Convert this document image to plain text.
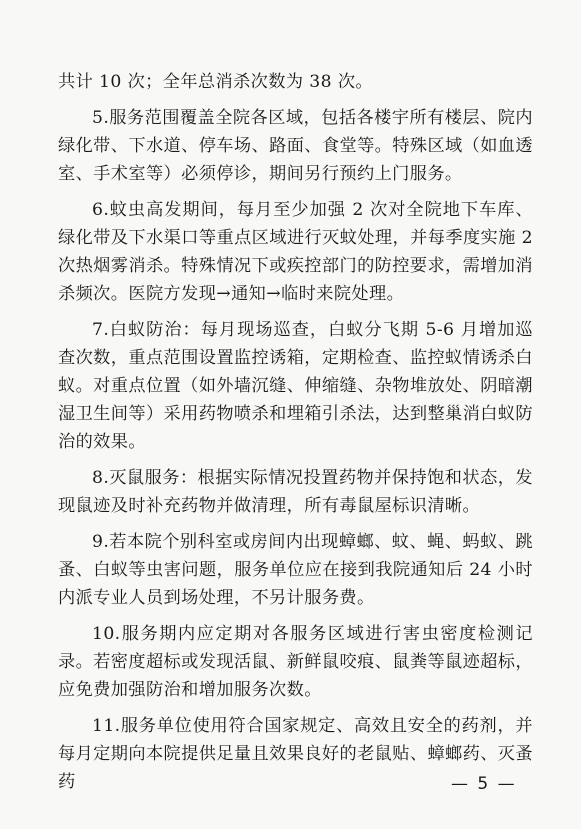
共计 10 次；全年总消杀次数为 38 次。

5.服务范围覆盖全院各区域，包括各楼宇所有楼层、院内绿化带、下水道、停车场、路面、食堂等。特殊区域（如血透室、手术室等）必须停诊，期间另行预约上门服务。

6.蚊虫高发期间，每月至少加强 2 次对全院地下车库、绿化带及下水渠口等重点区域进行灭蚊处理，并每季度实施 2 次热烟雾消杀。特殊情况下或疾控部门的防控要求，需增加消杀频次。医院方发现→通知→临时来院处理。

7.白蚁防治：每月现场巡查，白蚁分飞期 5-6 月增加巡查次数，重点范围设置监控诱箱，定期检查、监控蚁情诱杀白蚁。对重点位置（如外墙沉缝、伸缩缝、杂物堆放处、阴暗潮湿卫生间等）采用药物喷杀和埋箱引杀法，达到整巢消白蚁防治的效果。

8.灭鼠服务：根据实际情况投置药物并保持饱和状态，发现鼠迹及时补充药物并做清理，所有毒鼠屋标识清晰。

9.若本院个别科室或房间内出现蟑螂、蚊、蝇、蚂蚁、跳蚤、白蚁等虫害问题，服务单位应在接到我院通知后 24 小时内派专业人员到场处理，不另计服务费。

10.服务期内应定期对各服务区域进行害虫密度检测记录。若密度超标或发现活鼠、新鲜鼠咬痕、鼠粪等鼠迹超标，应免费加强防治和增加服务次数。

11.服务单位使用符合国家规定、高效且安全的药剂，并每月定期向本院提供足量且效果良好的老鼠贴、蟑螂药、灭蚤药	— 5 —
